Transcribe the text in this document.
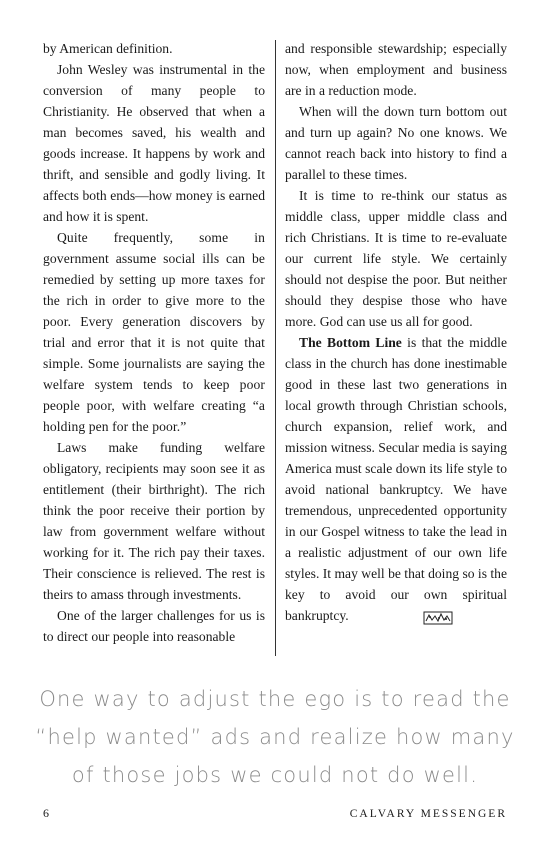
by American definition.

John Wesley was instrumental in the conversion of many people to Christianity. He observed that when a man becomes saved, his wealth and goods increase. It happens by work and thrift, and sensible and godly living. It affects both ends—how money is earned and how it is spent.

Quite frequently, some in government assume social ills can be remedied by setting up more taxes for the rich in order to give more to the poor. Every generation discovers by trial and error that it is not quite that simple. Some journalists are saying the welfare system tends to keep poor people poor, with welfare creating “a holding pen for the poor.”

Laws make funding welfare obligatory, recipients may soon see it as entitlement (their birthright). The rich think the poor receive their portion by law from government welfare without working for it. The rich pay their taxes. Their conscience is relieved. The rest is theirs to amass through investments.

One of the larger challenges for us is to direct our people into reasonable

and responsible stewardship; especially now, when employment and business are in a reduction mode.

When will the down turn bottom out and turn up again? No one knows. We cannot reach back into history to find a parallel to these times.

It is time to re-think our status as middle class, upper middle class and rich Christians. It is time to re-evaluate our current life style. We certainly should not despise the poor. But neither should they despise those who have more. God can use us all for good.

The Bottom Line is that the middle class in the church has done inestimable good in these last two generations in local growth through Christian schools, church expansion, relief work, and mission witness. Secular media is saying America must scale down its life style to avoid national bankruptcy. We have tremendous, unprecedented opportunity in our Gospel witness to take the lead in a realistic adjustment of our own life styles. It may well be that doing so is the key to avoid our own spiritual bankruptcy.

One way to adjust the ego is to read the “help wanted” ads and realize how many of those jobs we could not do well.
6	CALVARY MESSENGER
